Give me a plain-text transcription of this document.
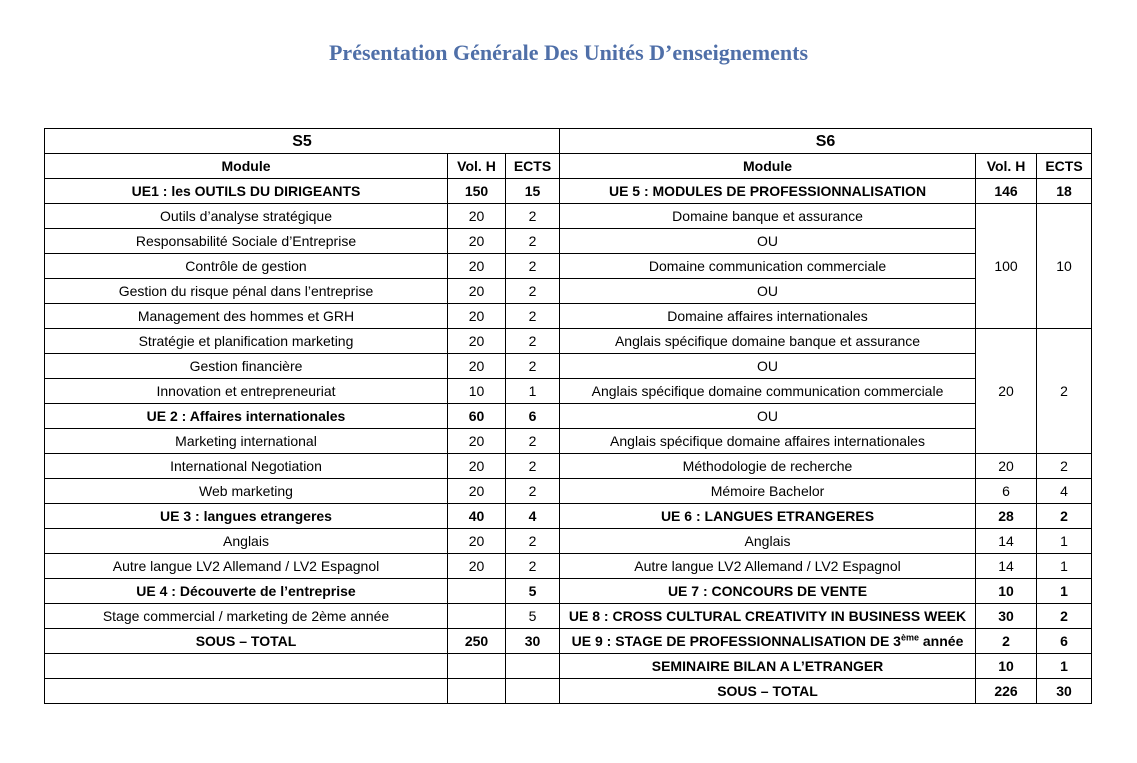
Présentation Générale Des Unités D’enseignements
S5			S6		
Module	Vol. H	ECTS	Module	Vol. H	ECTS
UE1 : les OUTILS DU DIRIGEANTS	150	15	UE 5 : MODULES DE PROFESSIONNALISATION	146	18
Outils d’analyse stratégique	20	2	Domaine banque et assurance	100	10
Responsabilité Sociale d’Entreprise	20	2	OU		
Contrôle de gestion	20	2	Domaine communication commerciale		
Gestion du risque pénal dans l’entreprise	20	2	OU		
Management des hommes et GRH	20	2	Domaine affaires internationales		
Stratégie et planification marketing	20	2	Anglais spécifique domaine banque et assurance	20	2
Gestion financière	20	2	OU		
Innovation et entrepreneuriat	10	1	Anglais spécifique domaine communication commerciale		
UE 2 : Affaires internationales	60	6	OU		
Marketing international	20	2	Anglais spécifique domaine affaires internationales		
International Negotiation	20	2	Méthodologie de recherche	20	2
Web marketing	20	2	Mémoire Bachelor	6	4
UE 3 : langues etrangeres	40	4	UE 6 : LANGUES ETRANGERES	28	2
Anglais	20	2	Anglais	14	1
Autre langue LV2 Allemand / LV2 Espagnol	20	2	Autre langue LV2 Allemand / LV2 Espagnol	14	1
UE 4 : Découverte de l’entreprise		5	UE 7 : CONCOURS DE VENTE	10	1
Stage commercial / marketing de 2ème année		5	UE 8 : CROSS CULTURAL CREATIVITY IN BUSINESS WEEK	30	2
SOUS – TOTAL	250	30	UE 9 : STAGE DE PROFESSIONNALISATION DE 3ème année	2	6
			SEMINAIRE BILAN A L’ETRANGER	10	1
			SOUS – TOTAL	226	30
